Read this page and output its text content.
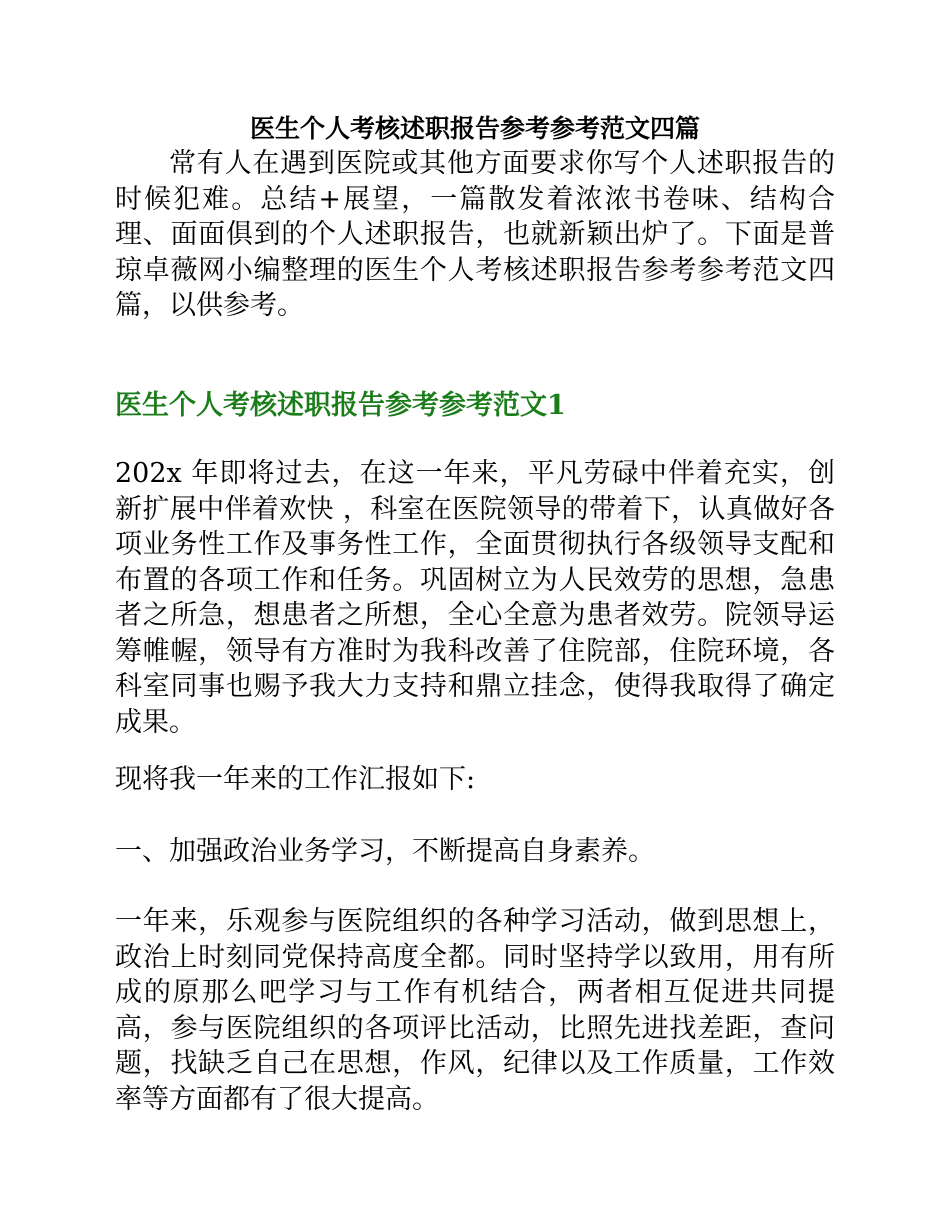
医生个人考核述职报告参考参考范文四篇

常有人在遇到医院或其他方面要求你写个人述职报告的时候犯难。总结+展望，一篇散发着浓浓书卷味、结构合理、面面俱到的个人述职报告，也就新颖出炉了。下面是普琼卓薇网小编整理的医生个人考核述职报告参考参考范文四篇，以供参考。

医生个人考核述职报告参考参考范文1

202x 年即将过去，在这一年来，平凡劳碌中伴着充实，创新扩展中伴着欢快 ，科室在医院领导的带着下，认真做好各项业务性工作及事务性工作，全面贯彻执行各级领导支配和布置的各项工作和任务。巩固树立为人民效劳的思想，急患者之所急，想患者之所想，全心全意为患者效劳。院领导运筹帷幄，领导有方准时为我科改善了住院部，住院环境，各科室同事也赐予我大力支持和鼎立挂念，使得我取得了确定成果。

现将我一年来的工作汇报如下:

一、加强政治业务学习，不断提高自身素养。

一年来，乐观参与医院组织的各种学习活动，做到思想上，政治上时刻同党保持高度全都。同时坚持学以致用，用有所成的原那么吧学习与工作有机结合，两者相互促进共同提高，参与医院组织的各项评比活动，比照先进找差距，查问题，找缺乏自己在思想，作风，纪律以及工作质量，工作效率等方面都有了很大提高。
